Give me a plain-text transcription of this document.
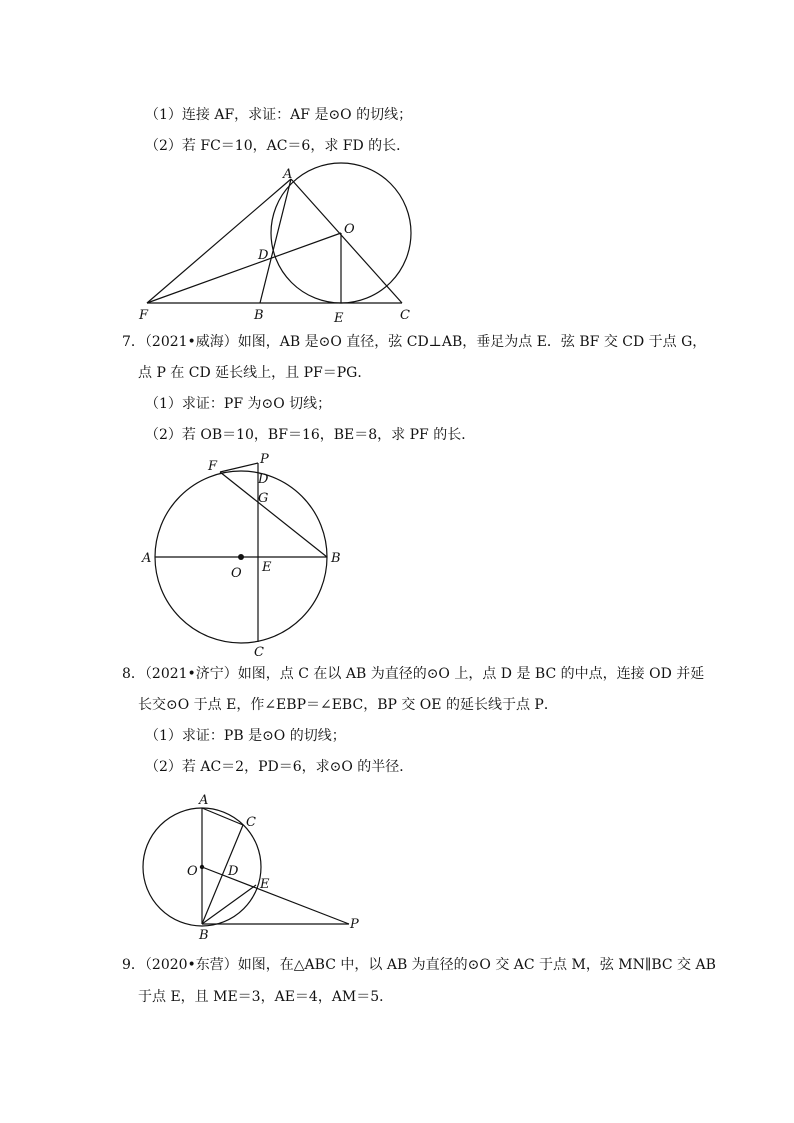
（1）连接 AF，求证：AF 是⊙O 的切线；
（2）若 FC＝10，AC＝6，求 FD 的长．
A
O
D
F	B	E	C
7．（2021•威海）如图，AB 是⊙O 直径，弦 CD⊥AB，垂足为点 E．弦 BF 交 CD 于点 G，
点 P 在 CD 延长线上，且 PF＝PG．
（1）求证：PF 为⊙O 切线；
（2）若 OB＝10，BF＝16，BE＝8，求 PF 的长．
F	P
D
G
A	B
O E
C
8．（2021•济宁）如图，点 C 在以 AB 为直径的⊙O 上，点 D 是 BC 的中点，连接 OD 并延
长交⊙O 于点 E，作∠EBP＝∠EBC，BP 交 OE 的延长线于点 P．
（1）求证：PB 是⊙O 的切线；
（2）若 AC＝2，PD＝6，求⊙O 的半径．
A
C
O D
E
B
P
9．（2020•东营）如图，在△ABC 中，以 AB 为直径的⊙O 交 AC 于点 M，弦 MN∥BC 交 AB
于点 E，且 ME＝3，AE＝4，AM＝5．
